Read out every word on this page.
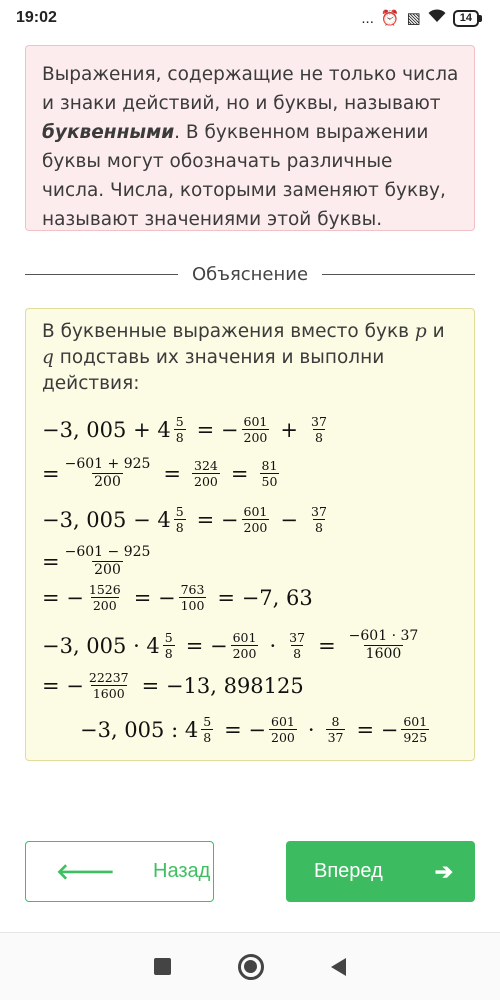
19:02	... ⏰ ▧	14
Выражения, содержащие не только числа и знаки действий, но и буквы, называют буквенными. В буквенном выражении буквы могут обозначать различные числа. Числа, которыми заменяют букву, называют значениями этой буквы.
Объяснение
В буквенные выражения вместо букв p и q подставь их значения и выполни действия:
−3, $005 + 4 \frac{5}{8}$ = − $\frac{601}{200} + \frac{37}{8}$
= $\frac{-601 + 925}{200} = \frac{324}{200} = \frac{81}{50}$
−3, $005 - 4 \frac{5}{8}$ = − $\frac{601}{200} - \frac{37}{8}$
= $\frac{-601 - 925}{200}$
= − $\frac{1526}{200}$ = − $\frac{763}{100} = -7$, 63
−3, $005 \cdot 4 \frac{5}{8}$ = − $\frac{601}{200} \cdot \frac{37}{8} = \frac{-601 \cdot 37}{1600}$
= − $\frac{22237}{1600} = -13$, 898125
−3, 005 : $4 \frac{5}{8}$ = − $\frac{601}{200} \cdot \frac{8}{37}$ = − $\frac{601}{925}$
🡐 Назад	Вперед ➔
